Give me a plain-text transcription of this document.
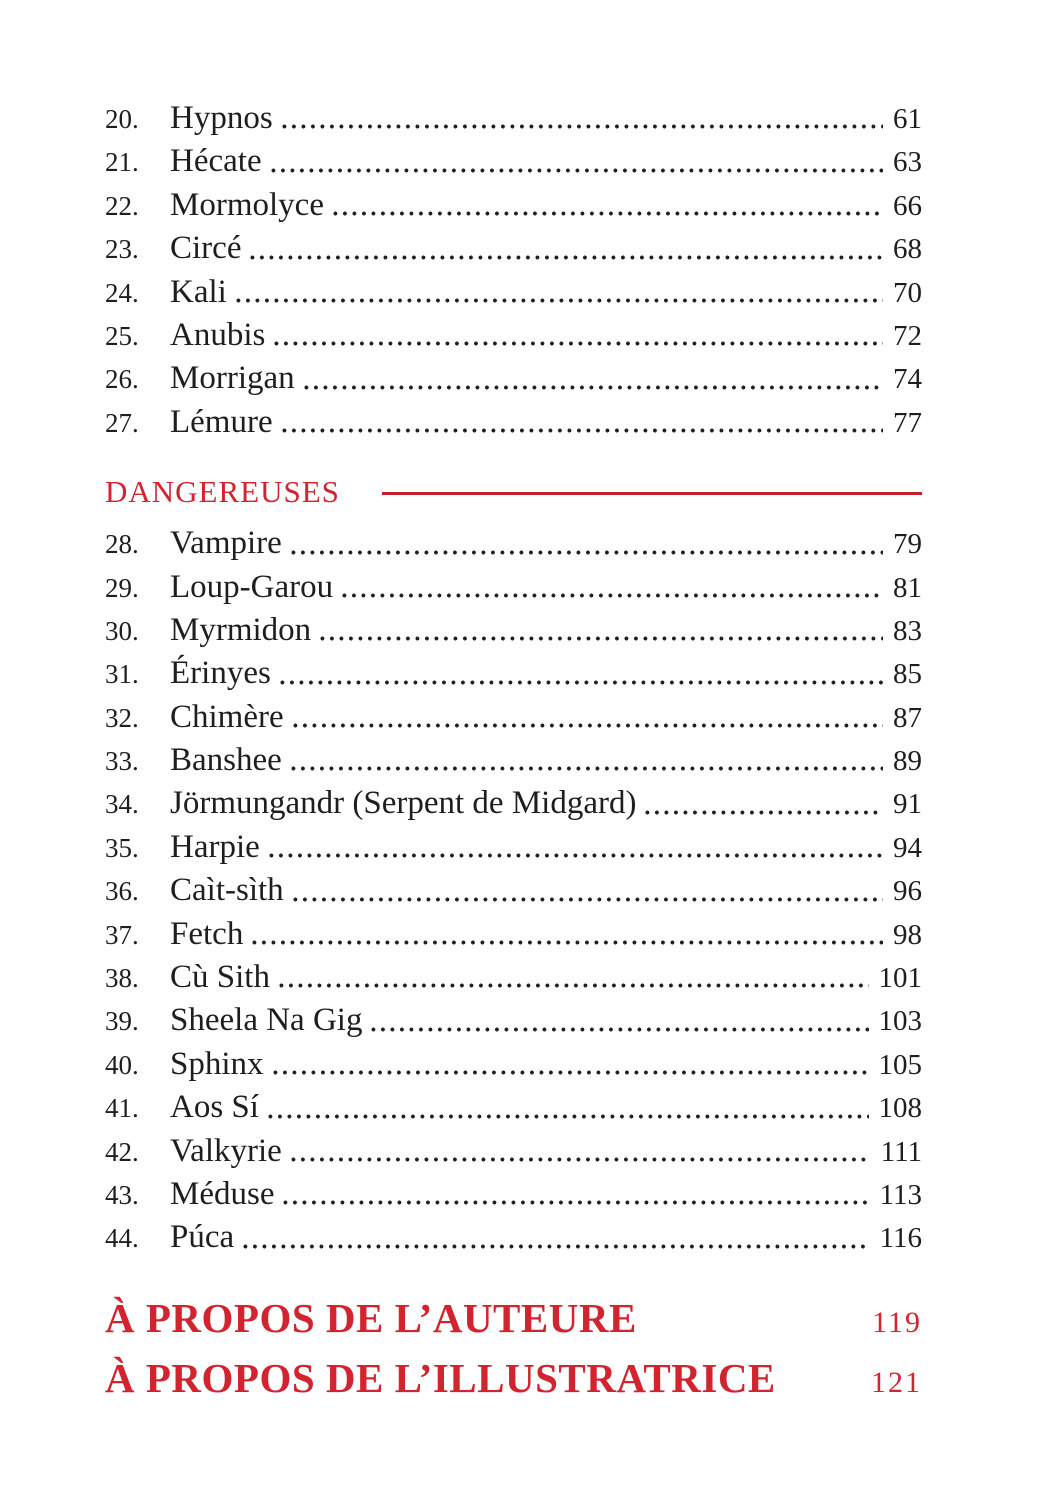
20. Hypnos	61
21. Hécate	63
22. Mormolyce	66
23. Circé	68
24. Kali	70
25. Anubis	72
26. Morrigan	74
27. Lémure	77
DANGEREUSES
28. Vampire	79
29. Loup-Garou	81
30. Myrmidon	83
31. Érinyes	85
32. Chimère	87
33. Banshee	89
34. Jörmungandr (Serpent de Midgard)	91
35. Harpie	94
36. Caìt-sìth	96
37. Fetch	98
38. Cù Sith	101
39. Sheela Na Gig	103
40. Sphinx	105
41. Aos Sí	108
42. Valkyrie	111
43. Méduse	113
44. Púca	116
À PROPOS DE L’AUTEURE	119
À PROPOS DE L’ILLUSTRATRICE	121
